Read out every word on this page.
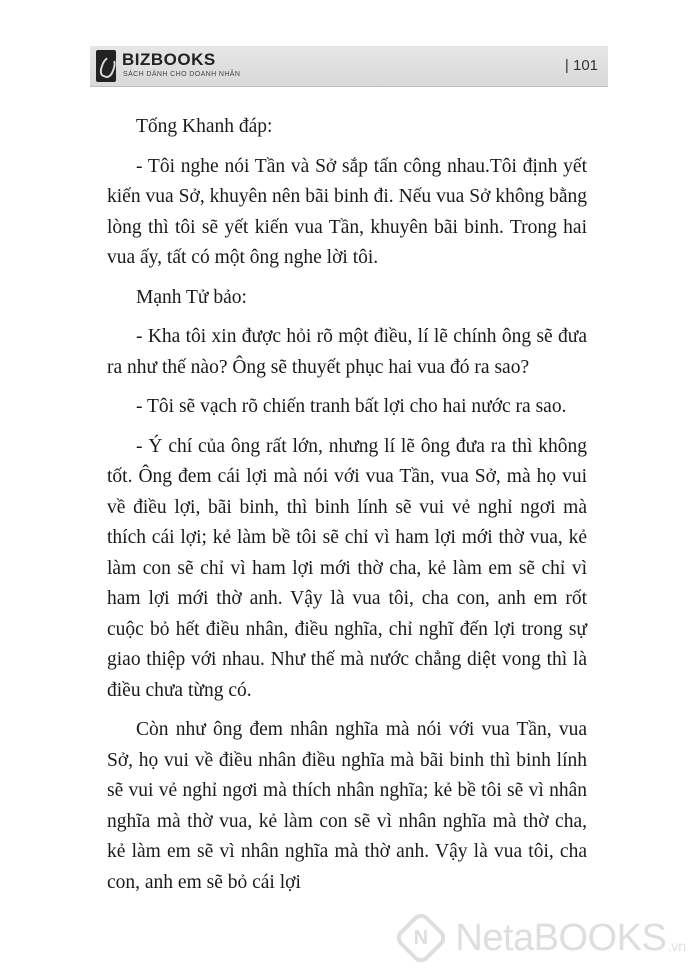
BIZBOOKS
SÁCH DÀNH CHO DOANH NHÂN
| 101

Tống Khanh đáp:

- Tôi nghe nói Tần và Sở sắp tấn công nhau.Tôi định yết kiến vua Sở, khuyên nên bãi binh đi. Nếu vua Sở không bằng lòng thì tôi sẽ yết kiến vua Tần, khuyên bãi binh. Trong hai vua ấy, tất có một ông nghe lời tôi.

Mạnh Tử bảo:

- Kha tôi xin được hỏi rõ một điều, lí lẽ chính ông sẽ đưa ra như thế nào? Ông sẽ thuyết phục hai vua đó ra sao?

- Tôi sẽ vạch rõ chiến tranh bất lợi cho hai nước ra sao.

- Ý chí của ông rất lớn, nhưng lí lẽ ông đưa ra thì không tốt. Ông đem cái lợi mà nói với vua Tần, vua Sở, mà họ vui về điều lợi, bãi binh, thì binh lính sẽ vui vẻ nghỉ ngơi mà thích cái lợi; kẻ làm bề tôi sẽ chỉ vì ham lợi mới thờ vua, kẻ làm con sẽ chỉ vì ham lợi mới thờ cha, kẻ làm em sẽ chỉ vì ham lợi mới thờ anh. Vậy là vua tôi, cha con, anh em rốt cuộc bỏ hết điều nhân, điều nghĩa, chỉ nghĩ đến lợi trong sự giao thiệp với nhau. Như thế mà nước chẳng diệt vong thì là điều chưa từng có.

Còn như ông đem nhân nghĩa mà nói với vua Tần, vua Sở, họ vui về điều nhân điều nghĩa mà bãi binh thì binh lính sẽ vui vẻ nghỉ ngơi mà thích nhân nghĩa; kẻ bề tôi sẽ vì nhân nghĩa mà thờ vua, kẻ làm con sẽ vì nhân nghĩa mà thờ cha, kẻ làm em sẽ vì nhân nghĩa mà thờ anh. Vậy là vua tôi, cha con, anh em sẽ bỏ cái lợi

N NetaBOOKS .vn
